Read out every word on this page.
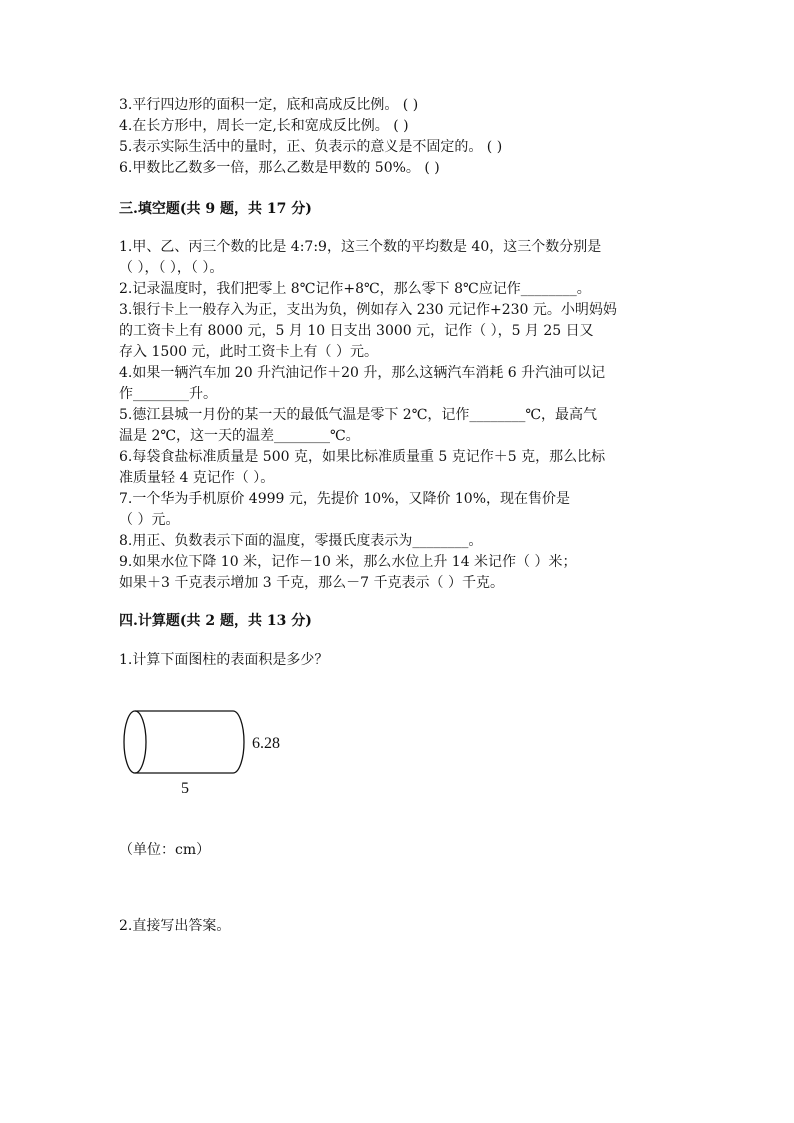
3.平行四边形的面积一定，底和高成反比例。 ( )
4.在长方形中，周长一定,长和宽成反比例。 ( )
5.表示实际生活中的量时，正、负表示的意义是不固定的。 ( )
6.甲数比乙数多一倍，那么乙数是甲数的 50%。 ( )
三.填空题(共 9 题，共 17 分)
1.甲、乙、丙三个数的比是 4:7:9，这三个数的平均数是 40，这三个数分别是
（ ），（ ），（ ）。
2.记录温度时，我们把零上 8℃记作+8℃，那么零下 8℃应记作________。
3.银行卡上一般存入为正，支出为负，例如存入 230 元记作+230 元。小明妈妈
的工资卡上有 8000 元，5 月 10 日支出 3000 元，记作（ ），5 月 25 日又
存入 1500 元，此时工资卡上有（ ）元。
4.如果一辆汽车加 20 升汽油记作＋20 升，那么这辆汽车消耗 6 升汽油可以记
作________升。
5.德江县城一月份的某一天的最低气温是零下 2℃，记作________℃，最高气
温是 2℃，这一天的温差________℃。
6.每袋食盐标准质量是 500 克，如果比标准质量重 5 克记作＋5 克，那么比标
准质量轻 4 克记作（ ）。
7.一个华为手机原价 4999 元，先提价 10%，又降价 10%，现在售价是
（ ）元。
8.用正、负数表示下面的温度，零摄氏度表示为________。
9.如果水位下降 10 米，记作－10 米，那么水位上升 14 米记作（ ）米；
如果＋3 千克表示增加 3 千克，那么－7 千克表示（ ）千克。
四.计算题(共 2 题，共 13 分)
1.计算下面图柱的表面积是多少？
6.28
5
（单位：cm）
2.直接写出答案。
